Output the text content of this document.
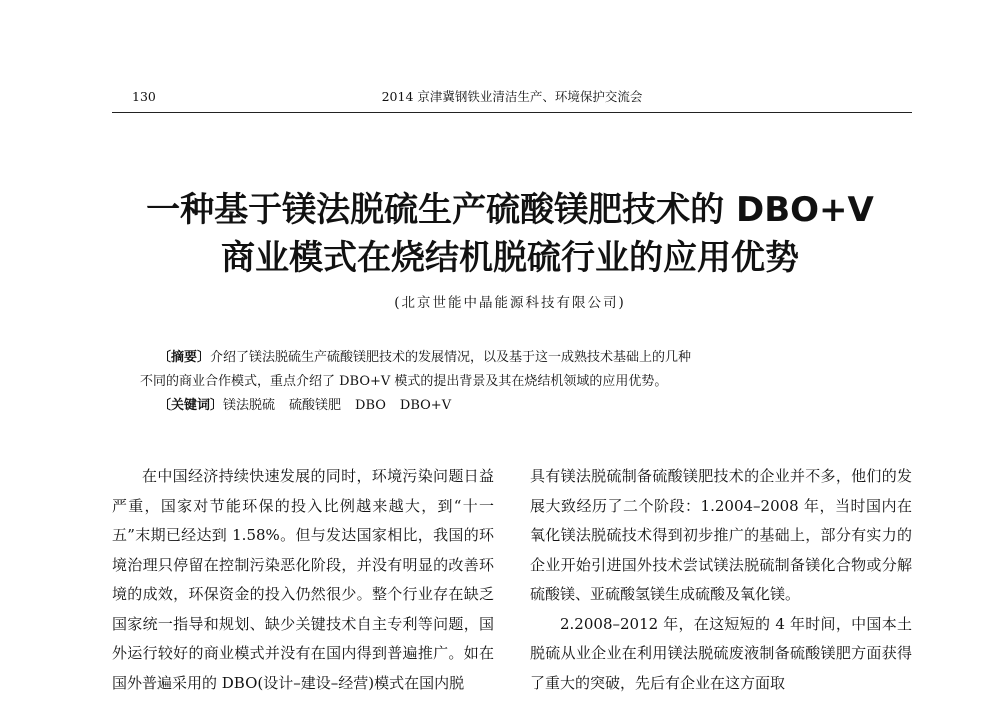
130	2014 京津冀钢铁业清洁生产、环境保护交流会
一种基于镁法脱硫生产硫酸镁肥技术的 DBO+V
商业模式在烧结机脱硫行业的应用优势
(北京世能中晶能源科技有限公司)

〔摘要〕介绍了镁法脱硫生产硫酸镁肥技术的发展情况，以及基于这一成熟技术基础上的几种

不同的商业合作模式，重点介绍了 DBO+V 模式的提出背景及其在烧结机领域的应用优势。

〔关键词〕镁法脱硫 硫酸镁肥 DBO DBO+V

在中国经济持续快速发展的同时，环境污染问题日益严重，国家对节能环保的投入比例越来越大，到“十一五”末期已经达到 1.58%。但与发达国家相比，我国的环境治理只停留在控制污染恶化阶段，并没有明显的改善环境的成效，环保资金的投入仍然很少。整个行业存在缺乏国家统一指导和规划、缺少关键技术自主专利等问题，国外运行较好的商业模式并没有在国内得到普遍推广。如在国外普遍采用的 DBO(设计–建设–经营)模式在国内脱

具有镁法脱硫制备硫酸镁肥技术的企业并不多，他们的发展大致经历了二个阶段：1.2004–2008 年，当时国内在氧化镁法脱硫技术得到初步推广的基础上，部分有实力的企业开始引进国外技术尝试镁法脱硫制备镁化合物或分解硫酸镁、亚硫酸氢镁生成硫酸及氧化镁。

2.2008–2012 年，在这短短的 4 年时间，中国本土脱硫从业企业在利用镁法脱硫废液制备硫酸镁肥方面获得了重大的突破，先后有企业在这方面取
